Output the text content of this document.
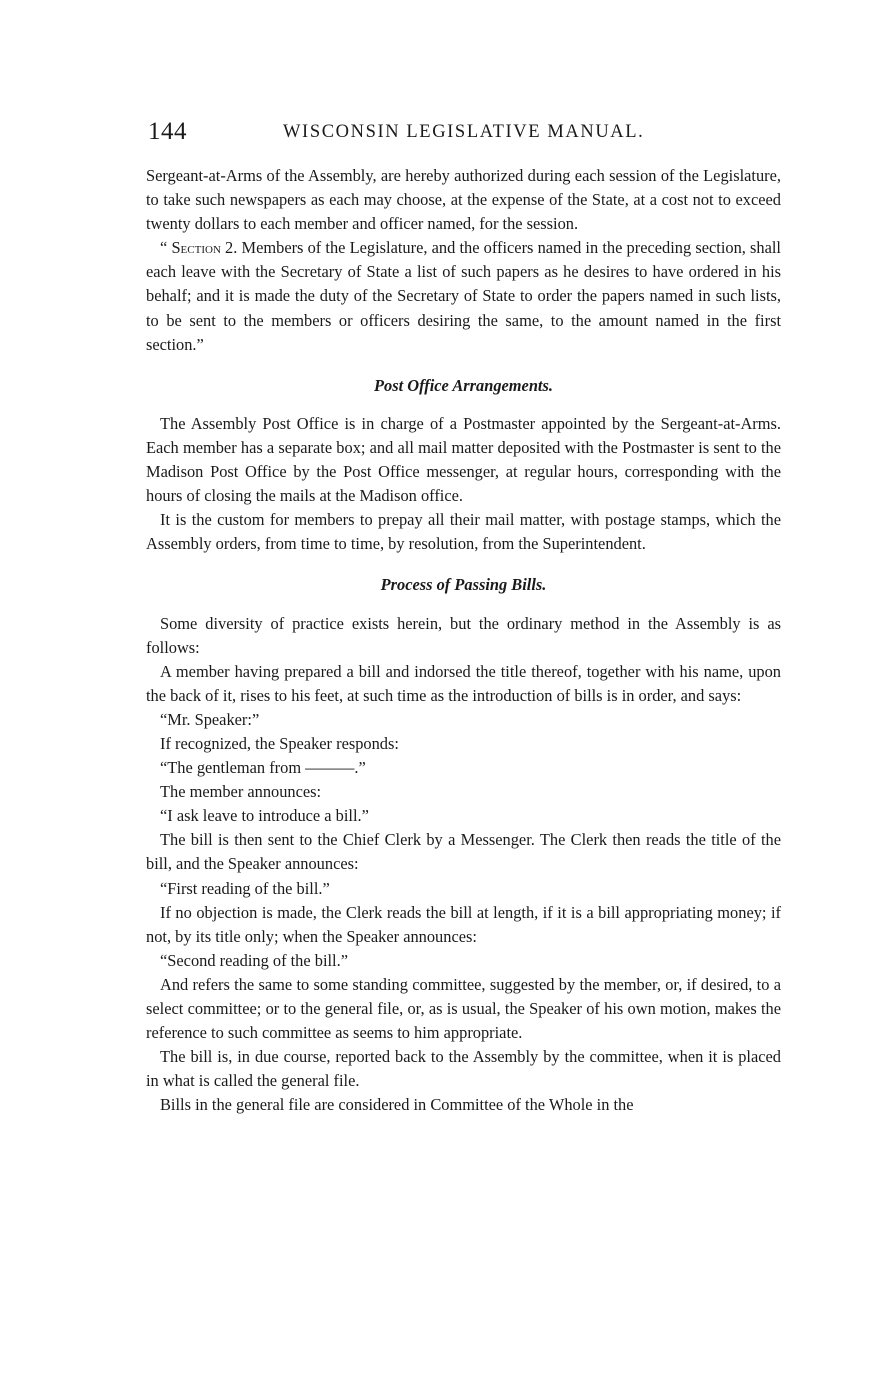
144	WISCONSIN LEGISLATIVE MANUAL.

Sergeant-at-Arms of the Assembly, are hereby authorized during each session of the Legislature, to take such newspapers as each may choose, at the expense of the State, at a cost not to exceed twenty dollars to each member and officer named, for the session.

“ Section 2. Members of the Legislature, and the officers named in the preceding section, shall each leave with the Secretary of State a list of such papers as he desires to have ordered in his behalf; and it is made the duty of the Secretary of State to order the papers named in such lists, to be sent to the members or officers desiring the same, to the amount named in the first section.”

Post Office Arrangements.

The Assembly Post Office is in charge of a Postmaster appointed by the Sergeant-at-Arms. Each member has a separate box; and all mail matter deposited with the Postmaster is sent to the Madison Post Office by the Post Office messenger, at regular hours, corresponding with the hours of closing the mails at the Madison office.

It is the custom for members to prepay all their mail matter, with postage stamps, which the Assembly orders, from time to time, by resolution, from the Superintendent.

Process of Passing Bills.

Some diversity of practice exists herein, but the ordinary method in the Assembly is as follows:

A member having prepared a bill and indorsed the title thereof, together with his name, upon the back of it, rises to his feet, at such time as the introduction of bills is in order, and says:

“Mr. Speaker:”

If recognized, the Speaker responds:

“The gentleman from ———.”

The member announces:

“I ask leave to introduce a bill.”

The bill is then sent to the Chief Clerk by a Messenger. The Clerk then reads the title of the bill, and the Speaker announces:

“First reading of the bill.”

If no objection is made, the Clerk reads the bill at length, if it is a bill appropriating money; if not, by its title only; when the Speaker announces:

“Second reading of the bill.”

And refers the same to some standing committee, suggested by the member, or, if desired, to a select committee; or to the general file, or, as is usual, the Speaker of his own motion, makes the reference to such committee as seems to him appropriate.

The bill is, in due course, reported back to the Assembly by the committee, when it is placed in what is called the general file.

Bills in the general file are considered in Committee of the Whole in the
